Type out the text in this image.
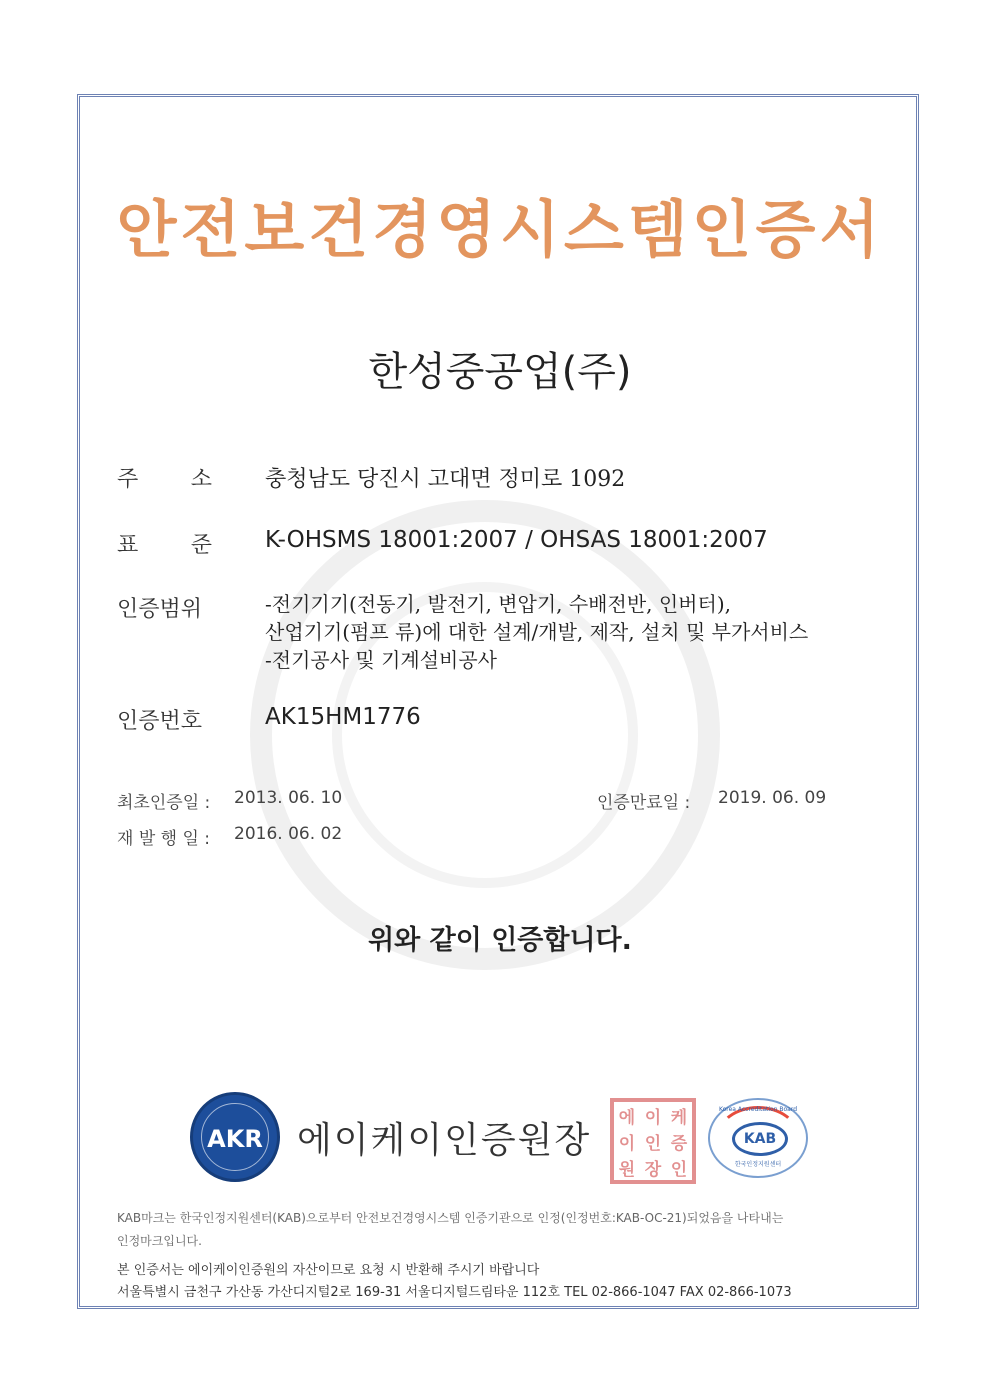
안전보건경영시스템인증서
한성중공업(주)
주 소 충청남도 당진시 고대면 정미로 1092
표 준 K-OHSMS 18001:2007 / OHSAS 18001:2007
인증범위	-전기기기(전동기, 발전기, 변압기, 수배전반, 인버터),
산업기기(펌프 류)에 대한 설계/개발, 제작, 설치 및 부가서비스
-전기공사 및 기계설비공사
인증번호	AK15HM1776
최초인증일 : 2013. 06. 10	인증만료일 : 2019. 06. 09
재 발 행 일 : 2016. 06. 02
위와 같이 인증합니다.
AKR 에이케이인증원장
에 이 케
이 인 증
원 장 인
Korea Accreditation Board
KAB
한국인정지원센터
KAB마크는 한국인정지원센터(KAB)으로부터 안전보건경영시스템 인증기관으로 인정(인정번호:KAB-OC-21)되었음을 나타내는
인정마크입니다.
본 인증서는 에이케이인증원의 자산이므로 요청 시 반환해 주시기 바랍니다
서울특별시 금천구 가산동 가산디지털2로 169-31 서울디지털드림타운 112호 TEL 02-866-1047 FAX 02-866-1073
